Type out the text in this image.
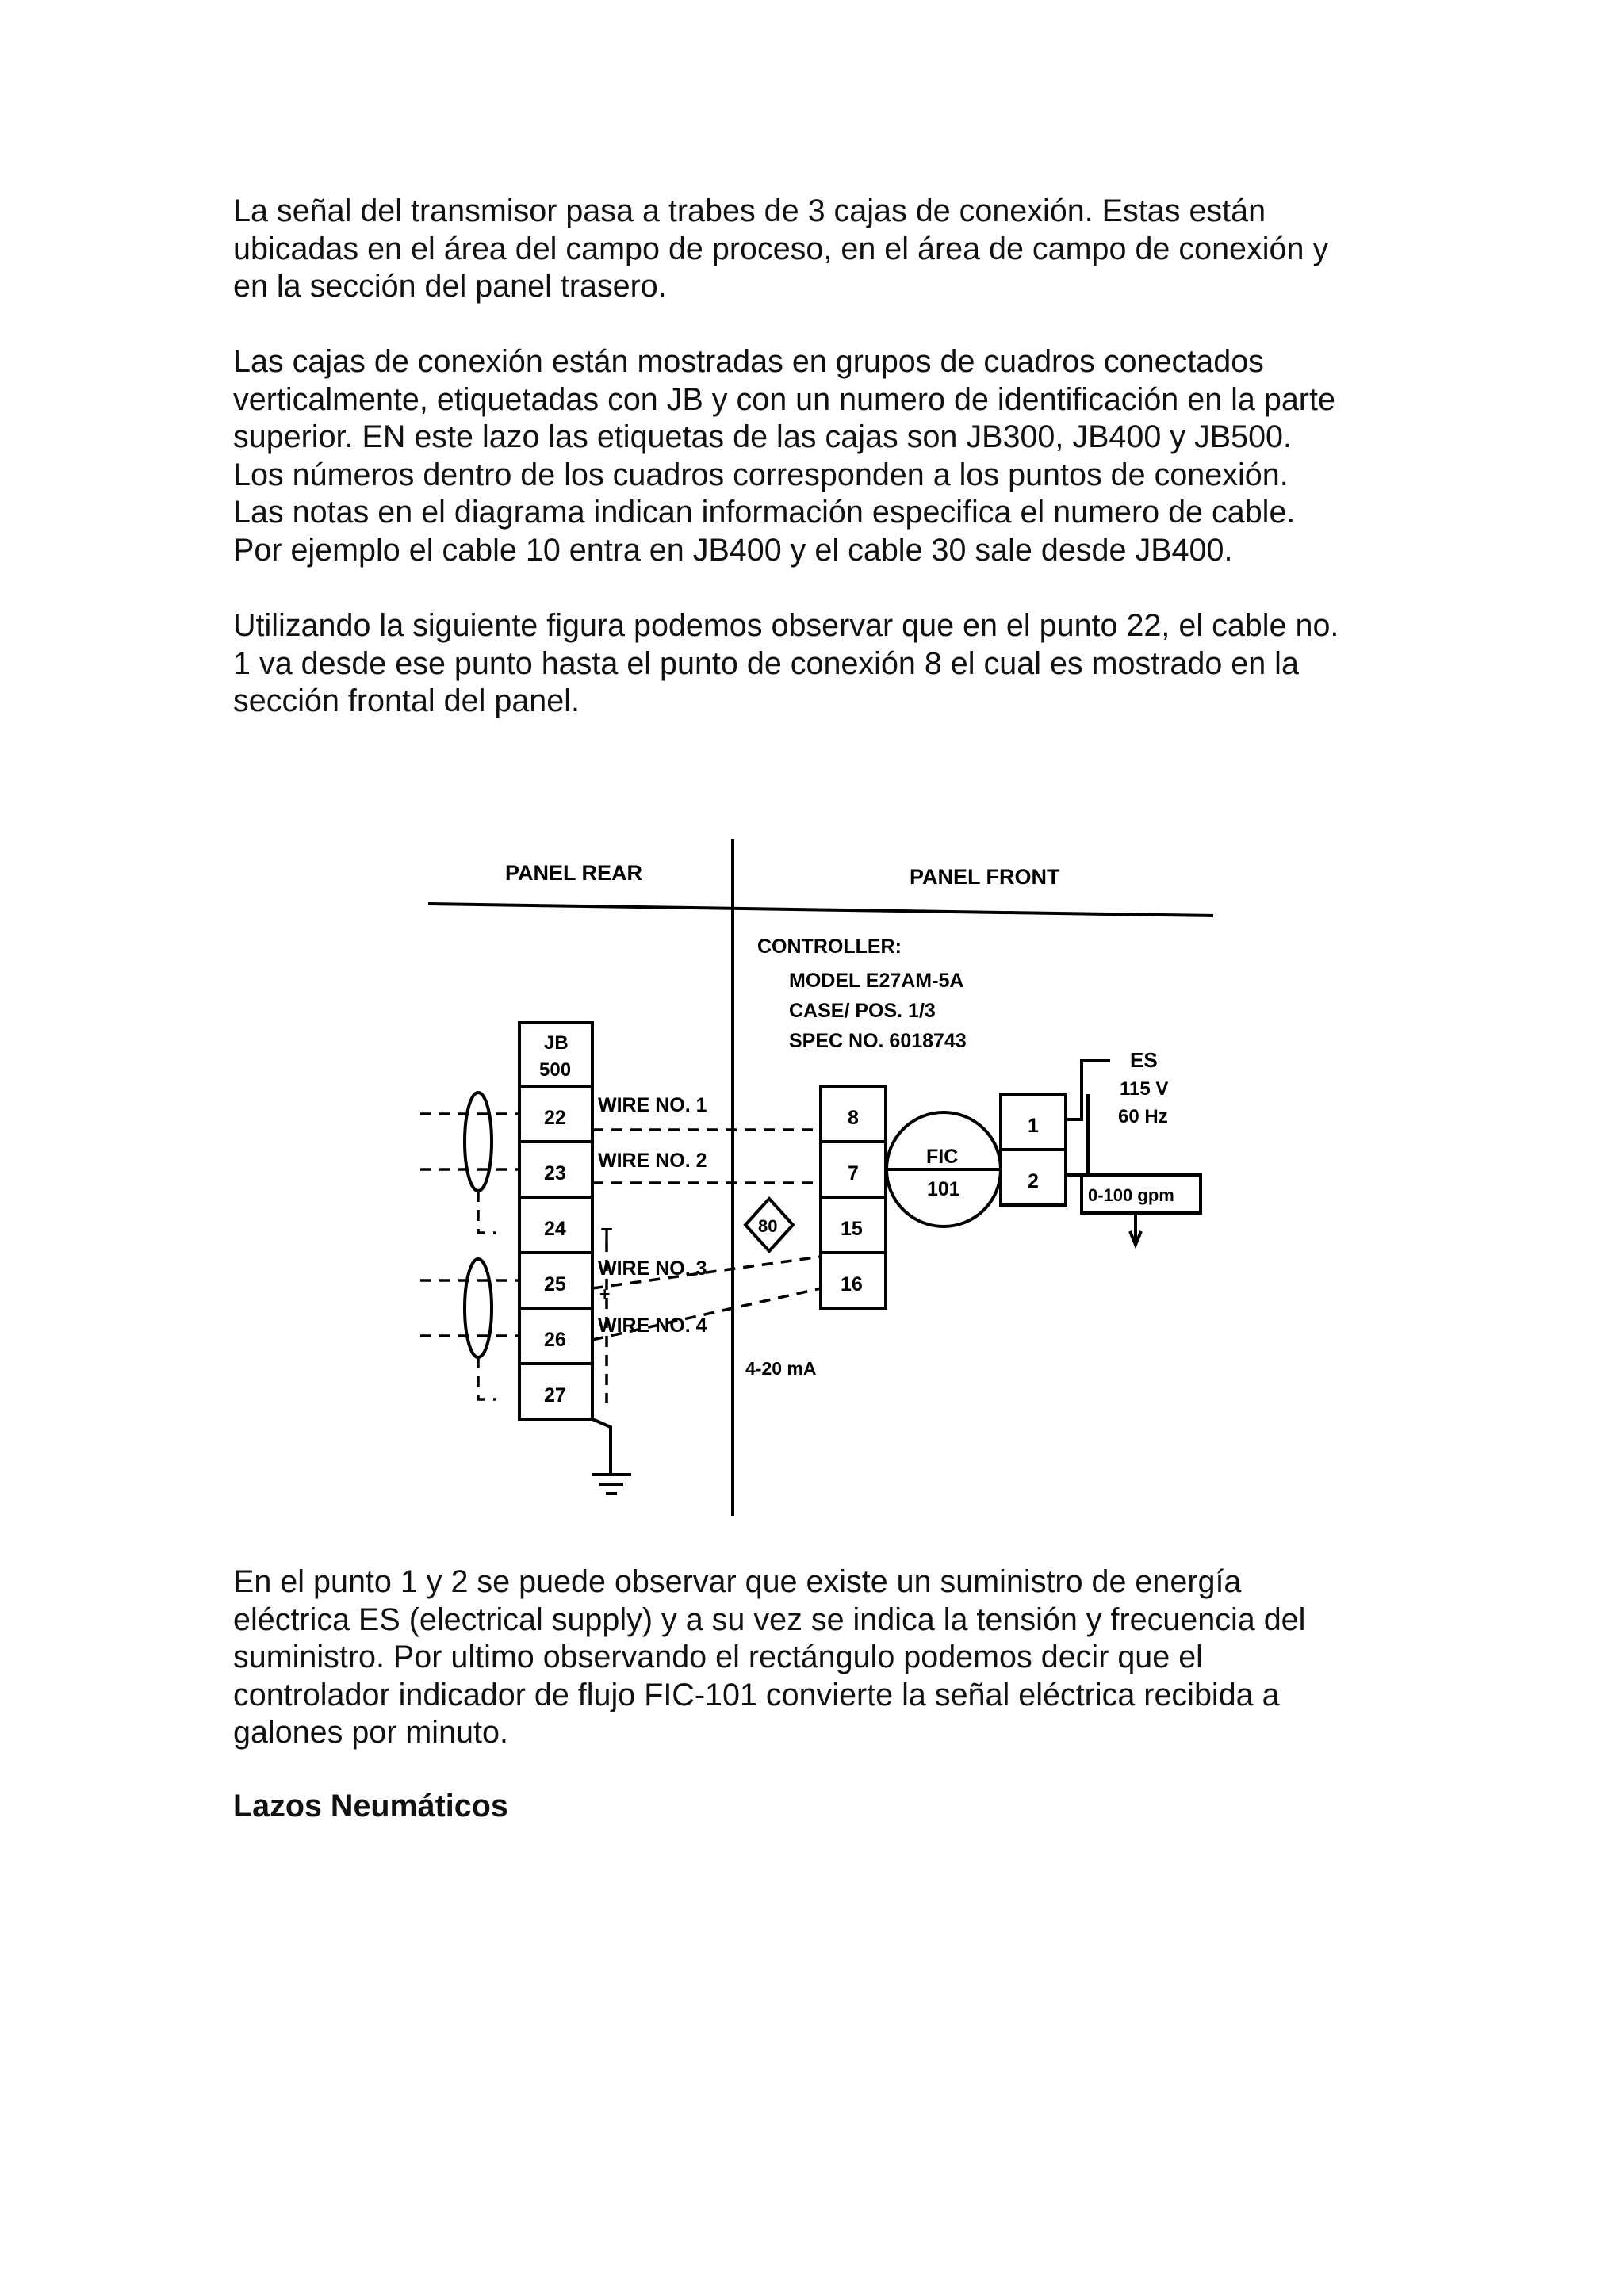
La señal del transmisor pasa a trabes de 3 cajas de conexión. Estas están
ubicadas en el área del campo de proceso, en el área de campo de conexión y
en la sección del panel trasero.

Las cajas de conexión están mostradas en grupos de cuadros conectados
verticalmente, etiquetadas con JB y con un numero de identificación en la parte
superior. EN este lazo las etiquetas de las cajas son JB300, JB400 y JB500.
Los números dentro de los cuadros corresponden a los puntos de conexión.
Las notas en el diagrama indican información especifica el numero de cable.
Por ejemplo el cable 10 entra en JB400 y el cable 30 sale desde JB400.

Utilizando la siguiente figura podemos observar que en el punto 22, el cable no.
1 va desde ese punto hasta el punto de conexión 8 el cual es mostrado en la
sección frontal del panel.

PANEL REAR	PANEL FRONT
CONTROLLER:
MODEL E27AM-5A
CASE/ POS. 1/3
SPEC NO. 6018743
JB
500
22
23
24
25
26
27
WIRE NO. 1
WIRE NO. 2
T
WIRE NO. 3
+
WIRE NO. 4
8
7
15
16
80
FIC
101
1
2
ES
115 V
60 Hz
0-100 gpm
4-20 mA

En el punto 1 y 2 se puede observar que existe un suministro de energía
eléctrica ES (electrical supply) y a su vez se indica la tensión y frecuencia del
suministro. Por ultimo observando el rectángulo podemos decir que el
controlador indicador de flujo FIC-101 convierte la señal eléctrica recibida a
galones por minuto.

Lazos Neumáticos
